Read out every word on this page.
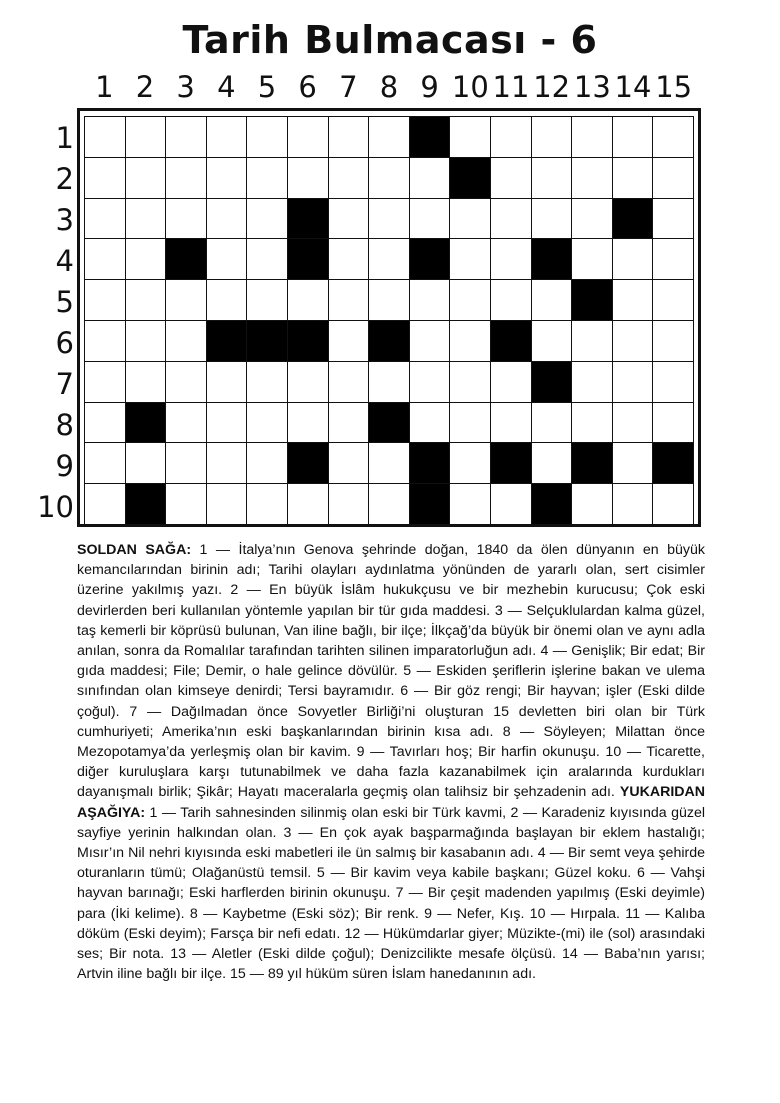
Tarih Bulmacası - 6
1 2 3 4 5 6 7 8 9 10 11 12 13 14 15
1
2
3
4
5
6
7
8
9
10

SOLDAN SAĞA: 1 — İtalya’nın Genova şehrinde doğan, 1840 da ölen dünyanın en büyük kemancılarından birinin adı; Tarihi olayları aydınlatma yönünden de yararlı olan, sert cisimler üzerine yakılmış yazı. 2 — En büyük İslâm hukukçusu ve bir mezhebin kurucusu; Çok eski devirlerden beri kullanılan yöntemle yapılan bir tür gıda maddesi. 3 — Selçuklulardan kalma güzel, taş kemerli bir köprüsü bulunan, Van iline bağlı, bir ilçe; İlkçağ’da büyük bir önemi olan ve aynı adla anılan, sonra da Romalılar tarafından tarihten silinen imparatorluğun adı. 4 — Genişlik; Bir edat; Bir gıda maddesi; File; Demir, o hale gelince dövülür. 5 — Eskiden şeriflerin işlerine bakan ve ulema sınıfından olan kimseye denirdi; Tersi bayramıdır. 6 — Bir göz rengi; Bir hayvan; işler (Eski dilde çoğul). 7 — Dağılmadan önce Sovyetler Birliği’ni oluşturan 15 devletten biri olan bir Türk cumhuriyeti; Amerika’nın eski başkanlarından birinin kısa adı. 8 — Söyleyen; Milattan önce Mezopotamya’da yerleşmiş olan bir kavim. 9 — Tavırları hoş; Bir harfin okunuşu. 10 — Ticarette, diğer kuruluşlara karşı tutunabilmek ve daha fazla kazanabilmek için aralarında kurdukları dayanışmalı birlik; Şikâr; Hayatı maceralarla geçmiş olan talihsiz bir şehzadenin adı. YUKARIDAN AŞAĞIYA: 1 — Tarih sahnesinden silinmiş olan eski bir Türk kavmi, 2 — Karadeniz kıyısında güzel sayfiye yerinin halkından olan. 3 — En çok ayak başparmağında başlayan bir eklem hastalığı; Mısır’ın Nil nehri kıyısında eski mabetleri ile ün salmış bir kasabanın adı. 4 — Bir semt veya şehirde oturanların tümü; Olağanüstü temsil. 5 — Bir kavim veya kabile başkanı; Güzel koku. 6 — Vahşi hayvan barınağı; Eski harflerden birinin okunuşu. 7 — Bir çeşit madenden yapılmış (Eski deyimle) para (İki kelime). 8 — Kaybetme (Eski söz); Bir renk. 9 — Nefer, Kış. 10 — Hırpala. 11 — Kalıba döküm (Eski deyim); Farsça bir nefi edatı. 12 — Hükümdarlar giyer; Müzikte-(mi) ile (sol) arasındaki ses; Bir nota. 13 — Aletler (Eski dilde çoğul); Denizcilikte mesafe ölçüsü. 14 — Baba’nın yarısı; Artvin iline bağlı bir ilçe. 15 — 89 yıl hüküm süren İslam hanedanının adı.
